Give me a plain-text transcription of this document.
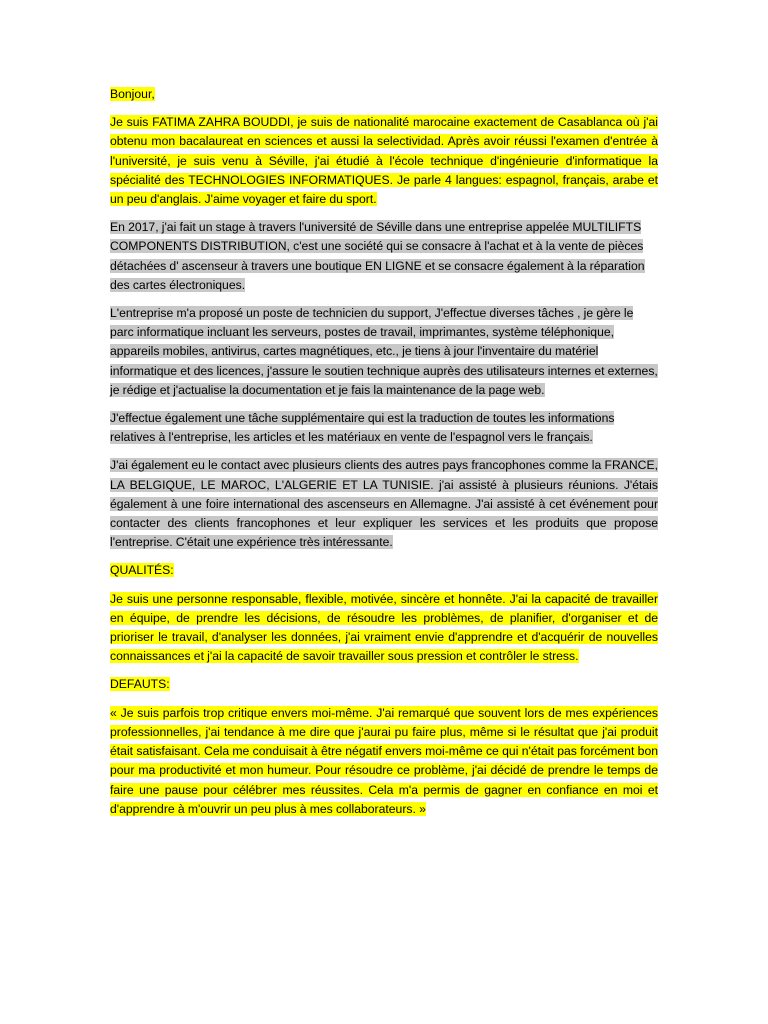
Bonjour,

Je suis FATIMA ZAHRA BOUDDI, je suis de nationalité marocaine exactement de Casablanca où j'ai obtenu mon bacalaureat en sciences et aussi la selectividad. Après avoir réussi l'examen d'entrée à l'université, je suis venu à Séville, j'ai étudié à l'école technique d'ingénieurie d'informatique la spécialité des TECHNOLOGIES INFORMATIQUES. Je parle 4 langues: espagnol, français, arabe et un peu d'anglais. J'aime voyager et faire du sport.

En 2017, j'ai fait un stage à travers l'université de Séville dans une entreprise appelée MULTILIFTS COMPONENTS DISTRIBUTION, c'est une société qui se consacre à l'achat et à la vente de pièces détachées d' ascenseur à travers une boutique EN LIGNE et se consacre également à la réparation des cartes électroniques.

L'entreprise m'a proposé un poste de technicien du support, J'effectue diverses tâches , je gère le parc informatique incluant les serveurs, postes de travail, imprimantes, système téléphonique, appareils mobiles, antivirus, cartes magnétiques, etc., je tiens à jour l'inventaire du matériel informatique et des licences, j'assure le soutien technique auprès des utilisateurs internes et externes, je rédige et j'actualise la documentation et je fais la maintenance de la page web.

J'effectue également une tâche supplémentaire qui est la traduction de toutes les informations relatives à l'entreprise, les articles et les matériaux en vente de l'espagnol vers le français.

J'ai également eu le contact avec plusieurs clients des autres pays francophones comme la FRANCE, LA BELGIQUE, LE MAROC, L'ALGERIE ET LA TUNISIE. j'ai assisté à plusieurs réunions. J'étais également à une foire international des ascenseurs en Allemagne. J'ai assisté à cet événement pour contacter des clients francophones et leur expliquer les services et les produits que propose l'entreprise. C'était une expérience très intéressante.

QUALITÉS:

Je suis une personne responsable, flexible, motivée, sincère et honnête. J'ai la capacité de travailler en équipe, de prendre les décisions, de résoudre les problèmes, de planifier, d'organiser et de prioriser le travail, d'analyser les données, j'ai vraiment envie d'apprendre et d'acquérir de nouvelles connaissances et j'ai la capacité de savoir travailler sous pression et contrôler le stress.

DEFAUTS:

« Je suis parfois trop critique envers moi-même. J'ai remarqué que souvent lors de mes expériences professionnelles, j'ai tendance à me dire que j'aurai pu faire plus, même si le résultat que j'ai produit était satisfaisant. Cela me conduisait à être négatif envers moi-même ce qui n'était pas forcément bon pour ma productivité et mon humeur. Pour résoudre ce problème, j'ai décidé de prendre le temps de faire une pause pour célébrer mes réussites. Cela m'a permis de gagner en confiance en moi et d'apprendre à m'ouvrir un peu plus à mes collaborateurs. »
